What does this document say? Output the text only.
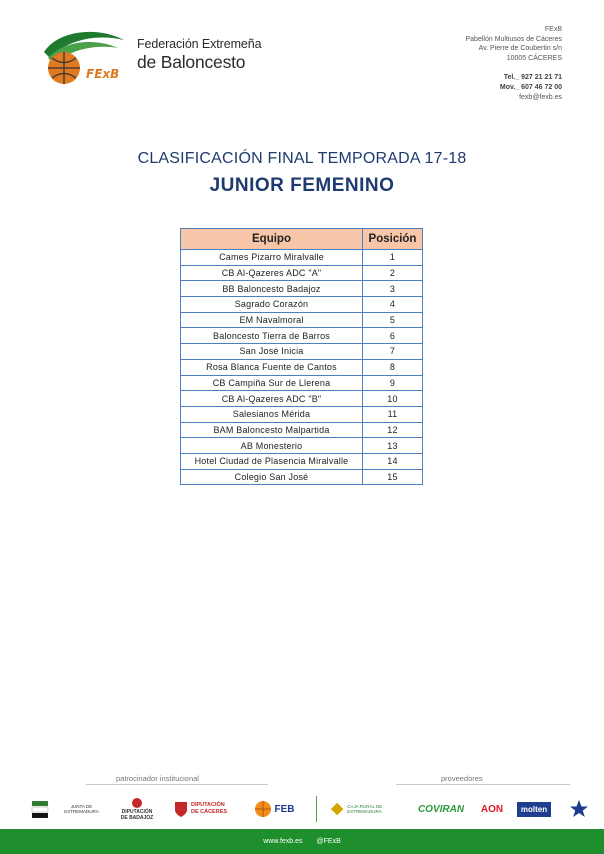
FExB
Federación Extremeña
de Baloncesto
FExB
Pabellón Multiusos de Cáceres
Av. Pierre de Coubertin s/n
10005 CÁCERES
Tel._ 927 21 21 71
Mov._ 607 46 72 00
fexb@fexb.es
CLASIFICACIÓN FINAL TEMPORADA 17-18
JUNIOR FEMENINO
Equipo	Posición
Cames Pizarro Miralvalle	1
CB Al-Qazeres ADC "A"	2
BB Baloncesto Badajoz	3
Sagrado Corazón	4
EM Navalmoral	5
Baloncesto Tierra de Barros	6
San José Inicia	7
Rosa Blanca Fuente de Cantos	8
CB Campiña Sur de Llerena	9
CB Al-Qazeres ADC "B"	10
Salesianos Mérida	11
BAM Baloncesto Malpartida	12
AB Monesterio	13
Hotel Ciudad de Plasencia Miralvalle	14
Colegio San José	15
patrocinador institucional	proveedores
JUNTA DE EXTREMADURA	DIPUTACIÓN
DE BADAJOZ
DIPUTACIÓN
DE CÁCERES	FEB	CAJA RURAL DE EXTREMADURA	COVIRAN AON	molten
www.fexb.es @FExB
